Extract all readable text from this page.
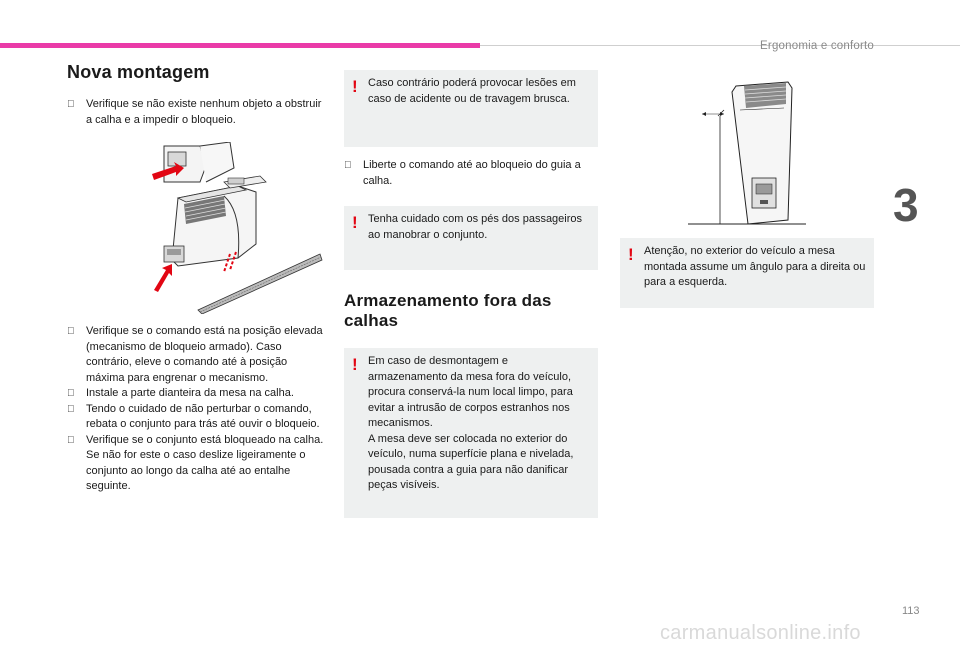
Ergonomia e conforto
3
Nova montagem
Verifique se não existe nenhum objeto a obstruir a calha e a impedir o bloqueio.
Verifique se o comando está na posição elevada (mecanismo de bloqueio armado). Caso contrário, eleve o comando até à posição máxima para engrenar o mecanismo.
Instale a parte dianteira da mesa na calha.
Tendo o cuidado de não perturbar o comando, rebata o conjunto para trás até ouvir o bloqueio.
Verifique se o conjunto está bloqueado na calha. Se não for este o caso deslize ligeiramente o conjunto ao longo da calha até ao entalhe seguinte.
! Caso contrário poderá provocar lesões em caso de acidente ou de travagem brusca.

Liberte o comando até ao bloqueio do guia a calha.
! Tenha cuidado com os pés dos passageiros ao manobrar o conjunto.

Armazenamento fora das calhas
! Em caso de desmontagem e armazenamento da mesa fora do veículo, procura conservá-la num local limpo, para evitar a intrusão de corpos estranhos nos mecanismos.

A mesa deve ser colocada no exterior do veículo, numa superfície plana e nivelada, pousada contra a guia para não danificar peças visíveis.

! Atenção, no exterior do veículo a mesa montada assume um ângulo para a direita ou para a esquerda.

113
carmanualsonline.info
